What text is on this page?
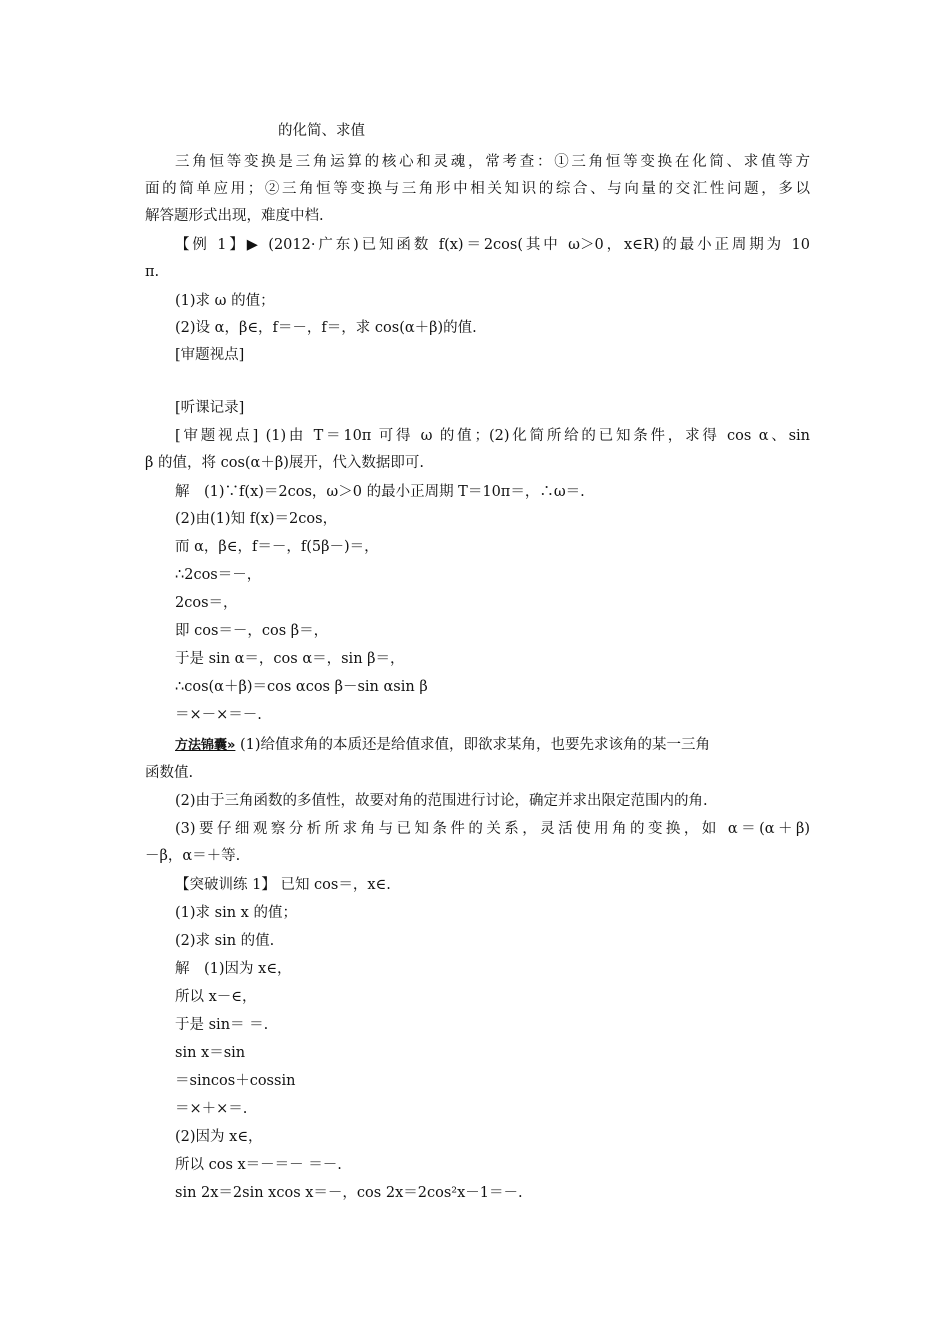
的化简、求值
三角恒等变换是三角运算的核心和灵魂，常考查：①三角恒等变换在化简、求值等方
面的简单应用；②三角恒等变换与三角形中相关知识的综合、与向量的交汇性问题，多以
解答题形式出现，难度中档.
【例 1】▶ (2012·广东)已知函数 f(x)＝2cos(其中 ω＞0，x∈R)的最小正周期为 10
π.
(1)求 ω 的值；
(2)设 α，β∈，f＝－，f＝，求 cos(α＋β)的值.
[审题视点]
[听课记录]
[审题视点] (1)由 T＝10π 可得 ω 的值；(2)化简所给的已知条件，求得 cos α、sin
β 的值，将 cos(α＋β)展开，代入数据即可.
解　(1)∵f(x)＝2cos，ω＞0 的最小正周期 T＝10π＝，∴ω＝.
(2)由(1)知 f(x)＝2cos，
而 α，β∈，f＝－，f(5β－)＝，
∴2cos＝－，
2cos＝，
即 cos＝－，cos β＝，
于是 sin α＝，cos α＝，sin β＝，
∴cos(α＋β)＝cos αcos β－sin αsin β
＝×－×＝－.
方法锦囊» (1)给值求角的本质还是给值求值，即欲求某角，也要先求该角的某一三角
函数值.
(2)由于三角函数的多值性，故要对角的范围进行讨论，确定并求出限定范围内的角.
(3)要仔细观察分析所求角与已知条件的关系，灵活使用角的变换，如 α＝(α＋β)
－β，α＝＋等.
【突破训练 1】 已知 cos＝，x∈.
(1)求 sin x 的值；
(2)求 sin 的值.
解　(1)因为 x∈，
所以 x－∈，
于是 sin＝ ＝.
sin x＝sin
＝sincos＋cossin
＝×＋×＝.
(2)因为 x∈，
所以 cos x＝－＝－ ＝－.
sin 2x＝2sin xcos x＝－，cos 2x＝2cos²x－1＝－.
